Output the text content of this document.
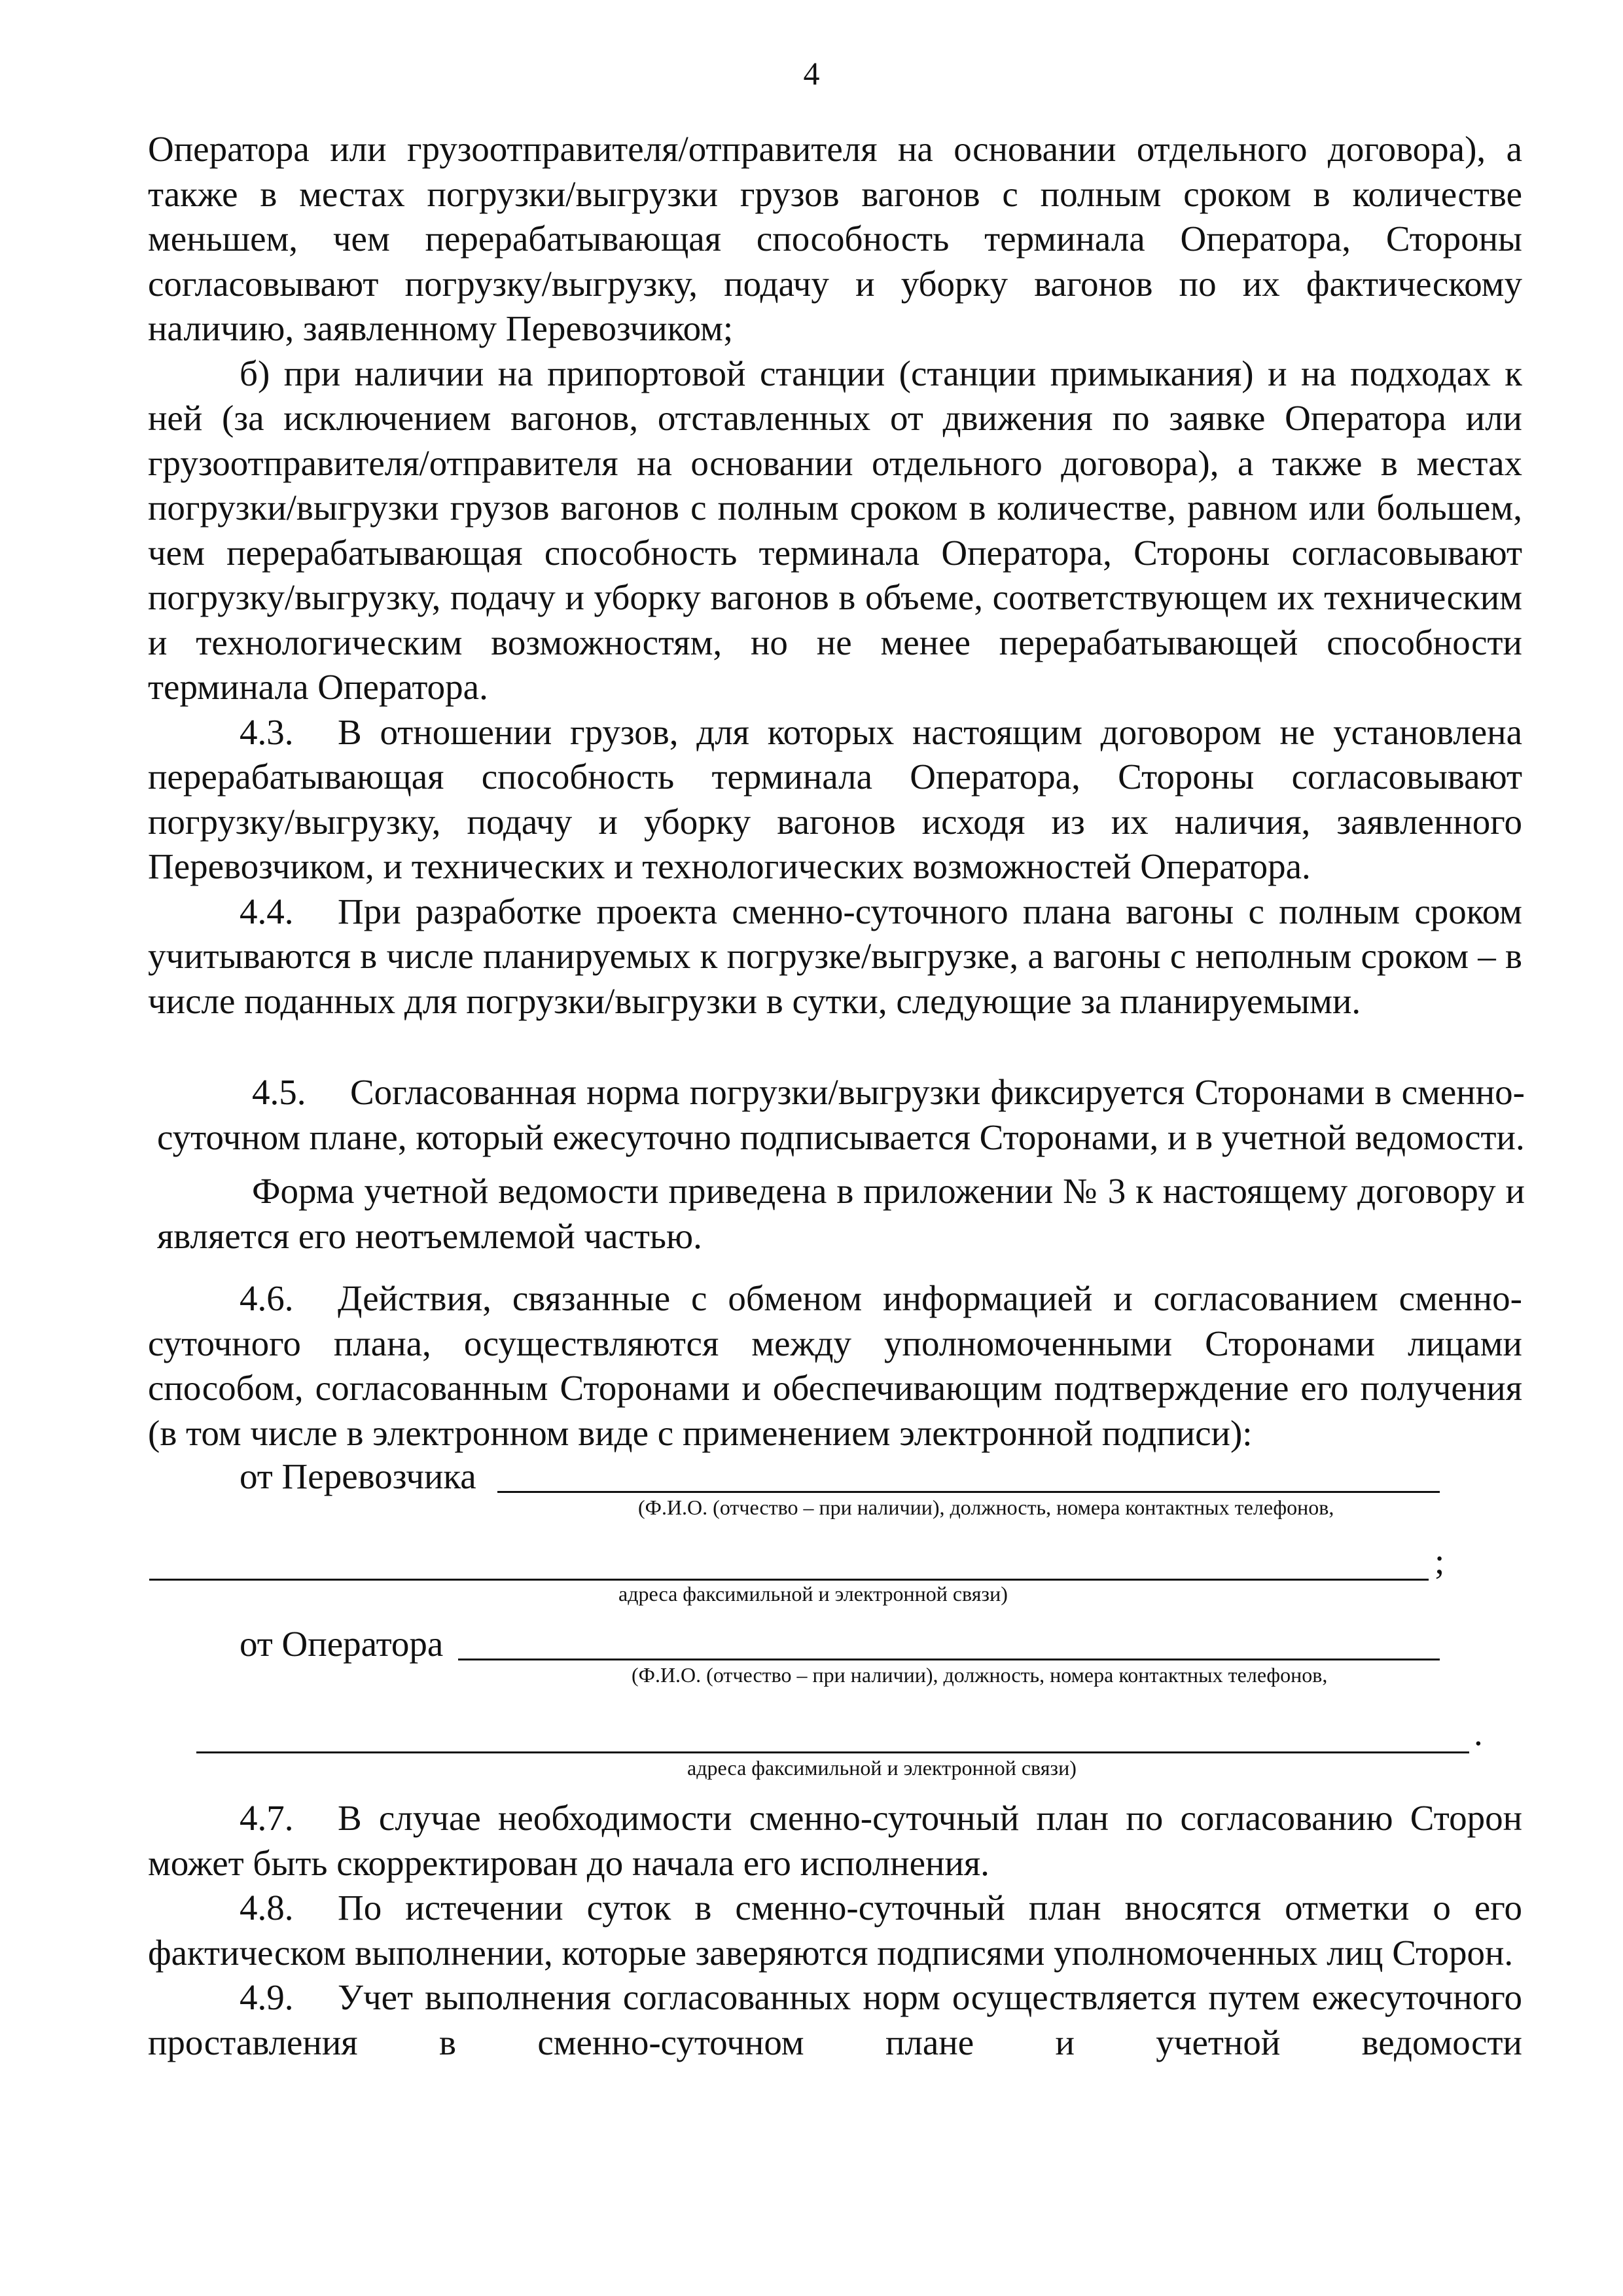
4

Оператора или грузоотправителя/отправителя на основании отдельного договора), а также в местах погрузки/выгрузки грузов вагонов с полным сроком в количестве меньшем, чем перерабатывающая способность терминала Оператора, Стороны согласовывают погрузку/выгрузку, подачу и уборку вагонов по их фактическому наличию, заявленному Перевозчиком;

б) при наличии на припортовой станции (станции примыкания) и на подходах к ней (за исключением вагонов, отставленных от движения по заявке Оператора или грузоотправителя/отправителя на основании отдельного договора), а также в местах погрузки/выгрузки грузов вагонов с полным сроком в количестве, равном или большем, чем перерабатывающая способность терминала Оператора, Стороны согласовывают погрузку/выгрузку, подачу и уборку вагонов в объеме, соответствующем их техническим и технологическим возможностям, но не менее перерабатывающей способности терминала Оператора.

4.3. В отношении грузов, для которых настоящим договором не установлена перерабатывающая способность терминала Оператора, Стороны согласовывают погрузку/выгрузку, подачу и уборку вагонов исходя из их наличия, заявленного Перевозчиком, и технических и технологических возможностей Оператора.

4.4. При разработке проекта сменно-суточного плана вагоны с полным сроком учитываются в числе планируемых к погрузке/выгрузке, а вагоны с неполным сроком – в числе поданных для погрузки/выгрузки в сутки, следующие за планируемыми.

4.5. Согласованная норма погрузки/выгрузки фиксируется Сторонами в сменно-суточном плане, который ежесуточно подписывается Сторонами, и в учетной ведомости.

Форма учетной ведомости приведена в приложении № 3 к настоящему договору и является его неотъемлемой частью.

4.6. Действия, связанные с обменом информацией и согласованием сменно-суточного плана, осуществляются между уполномоченными Сторонами лицами способом, согласованным Сторонами и обеспечивающим подтверждение его получения (в том числе в электронном виде с применением электронной подписи):

от Перевозчика
(Ф.И.О. (отчество – при наличии), должность, номера контактных телефонов,
;
адреса факсимильной и электронной связи)
от Оператора
(Ф.И.О. (отчество – при наличии), должность, номера контактных телефонов,
.
адреса факсимильной и электронной связи)

4.7. В случае необходимости сменно-суточный план по согласованию Сторон может быть скорректирован до начала его исполнения.

4.8. По истечении суток в сменно-суточный план вносятся отметки о его фактическом выполнении, которые заверяются подписями уполномоченных лиц Сторон.

4.9. Учет выполнения согласованных норм осуществляется путем ежесуточного проставления в сменно-суточном плане и учетной ведомости
